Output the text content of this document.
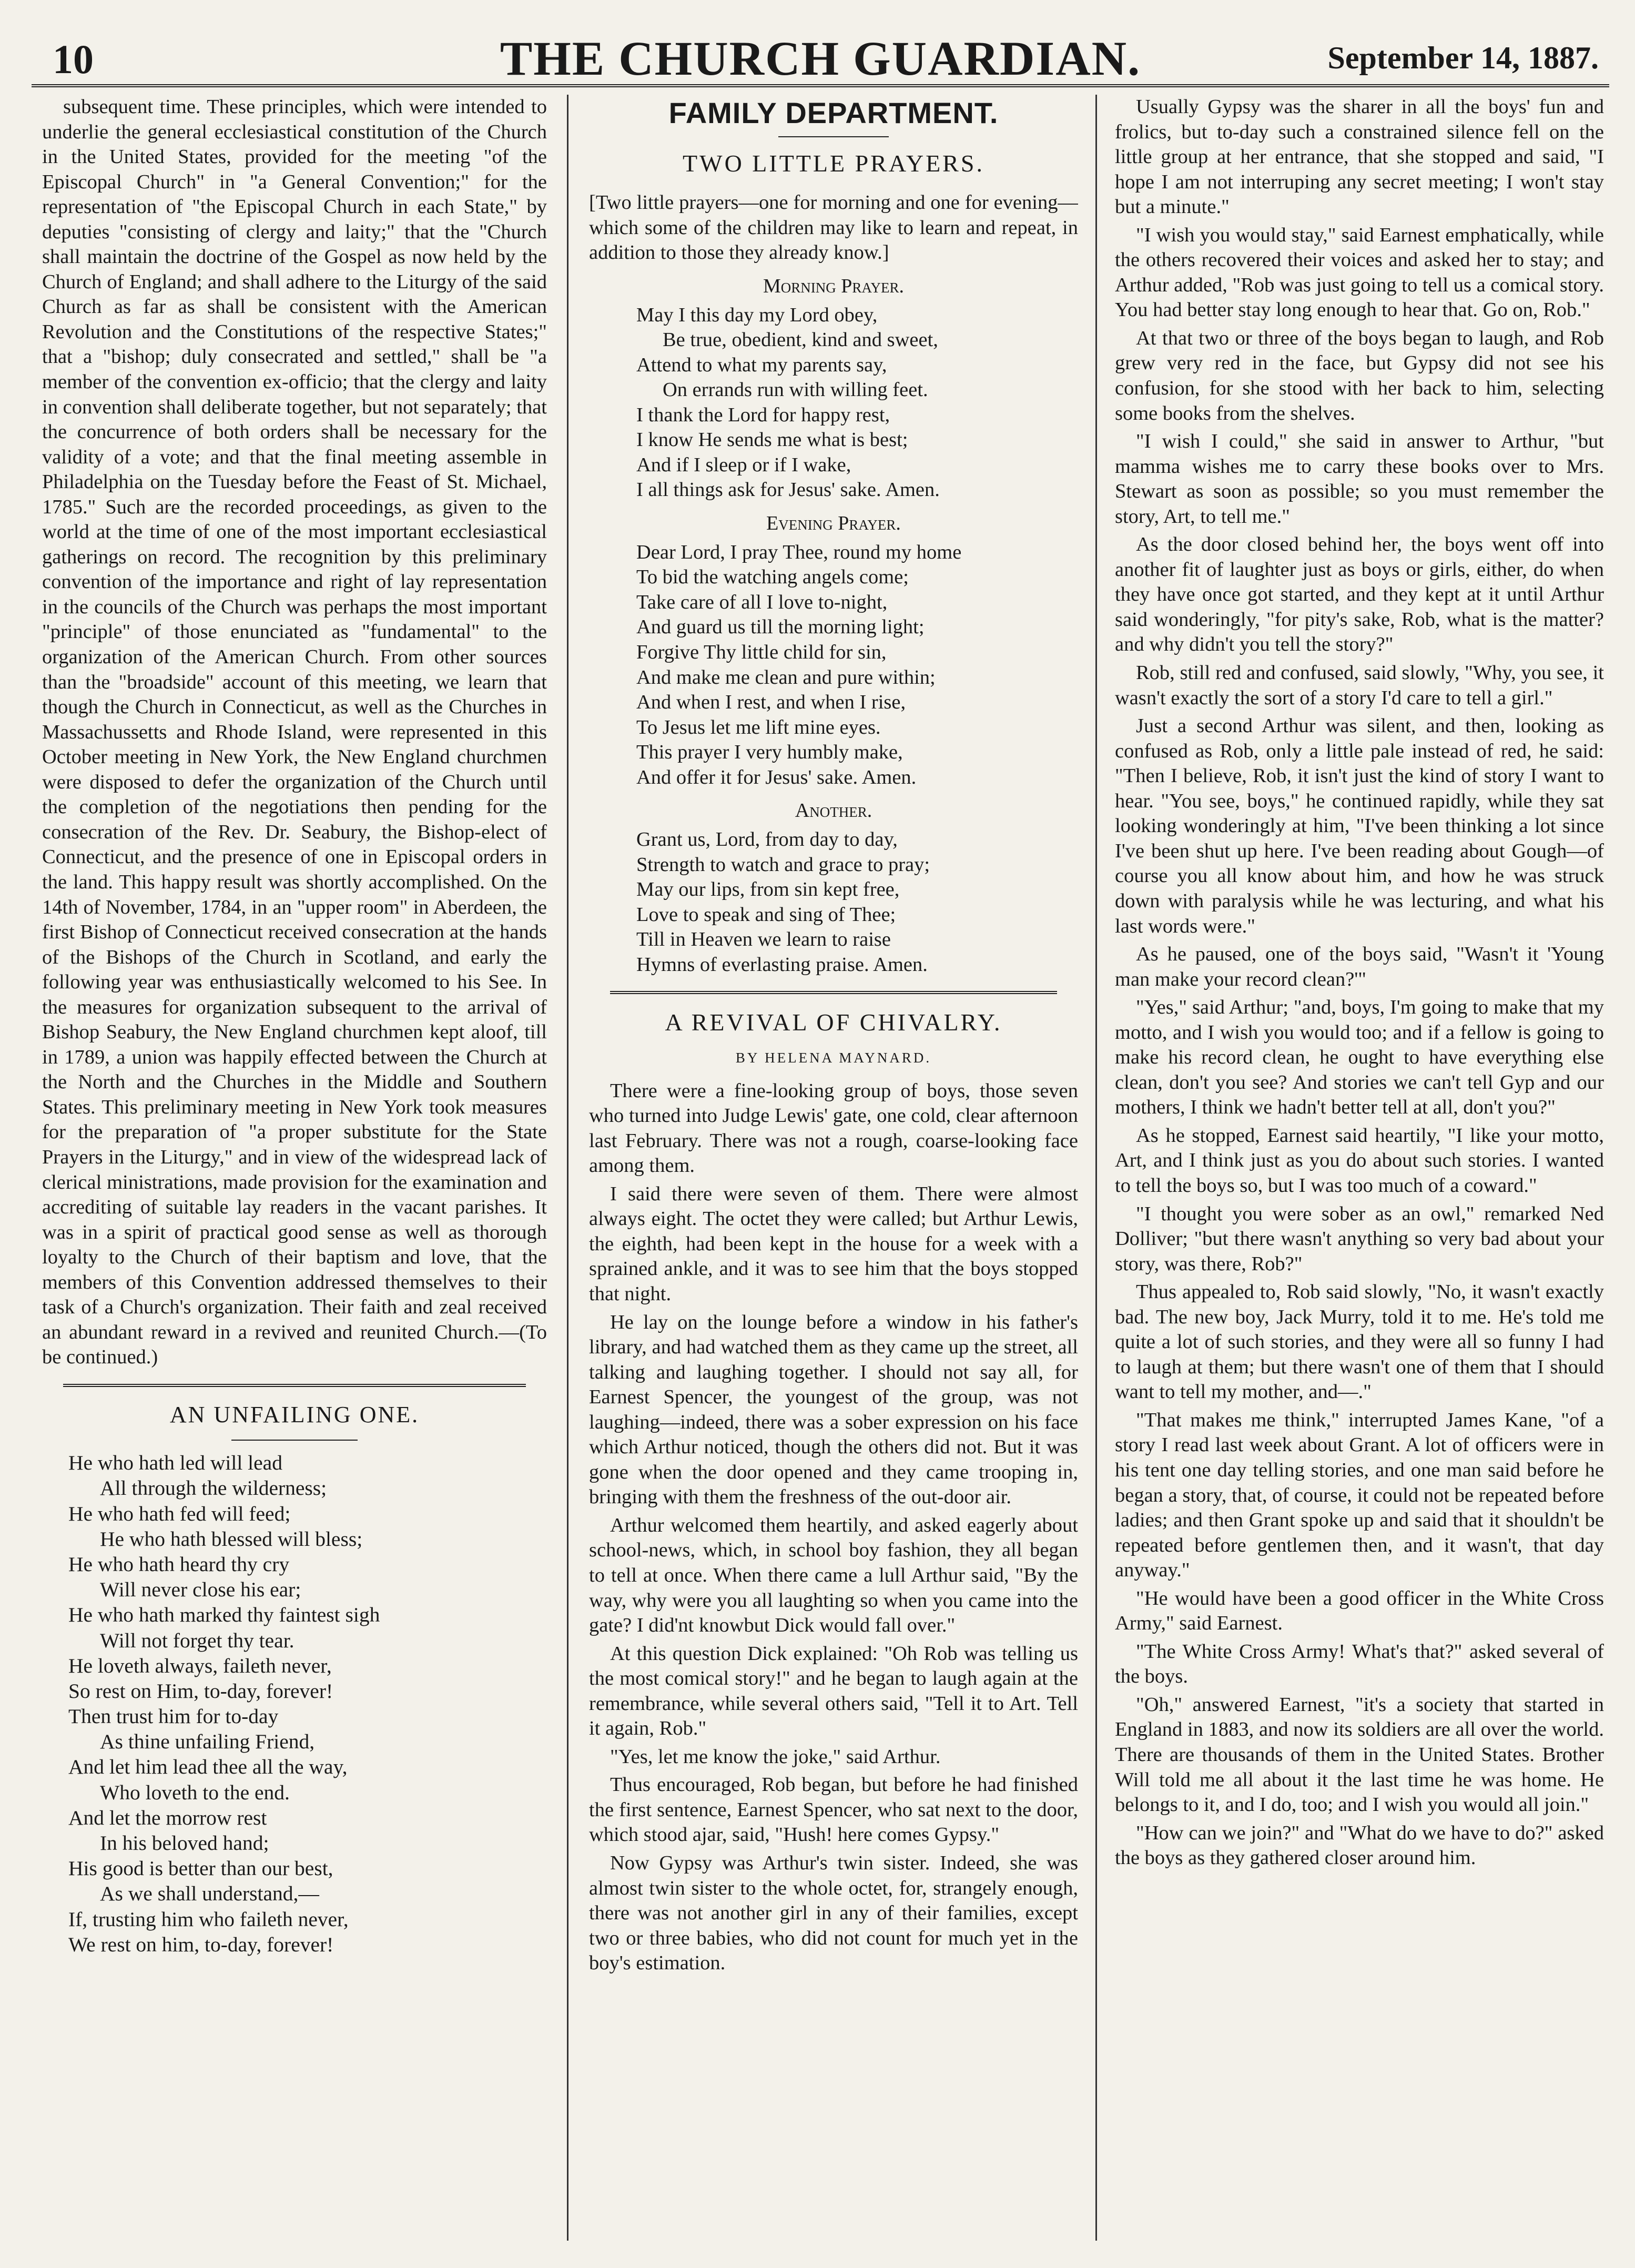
10	THE CHURCH GUARDIAN.	September 14, 1887.

subsequent time. These principles, which were intended to underlie the general ecclesiastical constitution of the Church in the United States, provided for the meeting "of the Episcopal Church" in "a General Convention;" for the representation of "the Episcopal Church in each State," by deputies "consisting of clergy and laity;" that the "Church shall maintain the doctrine of the Gospel as now held by the Church of England; and shall adhere to the Liturgy of the said Church as far as shall be consistent with the American Revolution and the Constitutions of the respective States;" that a "bishop; duly consecrated and settled," shall be "a member of the convention ex-officio; that the clergy and laity in convention shall deliberate together, but not separately; that the concurrence of both orders shall be necessary for the validity of a vote; and that the final meeting assemble in Philadelphia on the Tuesday before the Feast of St. Michael, 1785." Such are the recorded proceedings, as given to the world at the time of one of the most important ecclesiastical gatherings on record. The recognition by this preliminary convention of the importance and right of lay representation in the councils of the Church was perhaps the most important "principle" of those enunciated as "fundamental" to the organization of the American Church. From other sources than the "broadside" account of this meeting, we learn that though the Church in Connecticut, as well as the Churches in Massachussetts and Rhode Island, were represented in this October meeting in New York, the New England churchmen were disposed to defer the organization of the Church until the completion of the negotiations then pending for the consecration of the Rev. Dr. Seabury, the Bishop-elect of Connecticut, and the presence of one in Episcopal orders in the land. This happy result was shortly accomplished. On the 14th of November, 1784, in an "upper room" in Aberdeen, the first Bishop of Connecticut received consecration at the hands of the Bishops of the Church in Scotland, and early the following year was enthusiastically welcomed to his See. In the measures for organization subsequent to the arrival of Bishop Seabury, the New England churchmen kept aloof, till in 1789, a union was happily effected between the Church at the North and the Churches in the Middle and Southern States. This preliminary meeting in New York took measures for the preparation of "a proper substitute for the State Prayers in the Liturgy," and in view of the widespread lack of clerical ministrations, made provision for the examination and accrediting of suitable lay readers in the vacant parishes. It was in a spirit of practical good sense as well as thorough loyalty to the Church of their baptism and love, that the members of this Convention addressed themselves to their task of a Church's organization. Their faith and zeal received an abundant reward in a revived and reunited Church.—(To be continued.)

AN UNFAILING ONE.
He who hath led will lead
All through the wilderness;
He who hath fed will feed;
He who hath blessed will bless;
He who hath heard thy cry
Will never close his ear;
He who hath marked thy faintest sigh
Will not forget thy tear.
He loveth always, faileth never,
So rest on Him, to-day, forever!
Then trust him for to-day
As thine unfailing Friend,
And let him lead thee all the way,
Who loveth to the end.
And let the morrow rest
In his beloved hand;
His good is better than our best,
As we shall understand,—
If, trusting him who faileth never,
We rest on him, to-day, forever!
FAMILY DEPARTMENT.
TWO LITTLE PRAYERS.

[Two little prayers—one for morning and one for evening—which some of the children may like to learn and repeat, in addition to those they already know.]

Morning Prayer.
May I this day my Lord obey,
Be true, obedient, kind and sweet,
Attend to what my parents say,
On errands run with willing feet.
I thank the Lord for happy rest,
I know He sends me what is best;
And if I sleep or if I wake,
I all things ask for Jesus' sake. Amen.
Evening Prayer.
Dear Lord, I pray Thee, round my home
To bid the watching angels come;
Take care of all I love to-night,
And guard us till the morning light;
Forgive Thy little child for sin,
And make me clean and pure within;
And when I rest, and when I rise,
To Jesus let me lift mine eyes.
This prayer I very humbly make,
And offer it for Jesus' sake. Amen.
Another.
Grant us, Lord, from day to day,
Strength to watch and grace to pray;
May our lips, from sin kept free,
Love to speak and sing of Thee;
Till in Heaven we learn to raise
Hymns of everlasting praise. Amen.
A REVIVAL OF CHIVALRY.
BY HELENA MAYNARD.

There were a fine-looking group of boys, those seven who turned into Judge Lewis' gate, one cold, clear afternoon last February. There was not a rough, coarse-looking face among them.

I said there were seven of them. There were almost always eight. The octet they were called; but Arthur Lewis, the eighth, had been kept in the house for a week with a sprained ankle, and it was to see him that the boys stopped that night.

He lay on the lounge before a window in his father's library, and had watched them as they came up the street, all talking and laughing together. I should not say all, for Earnest Spencer, the youngest of the group, was not laughing—indeed, there was a sober expression on his face which Arthur noticed, though the others did not. But it was gone when the door opened and they came trooping in, bringing with them the freshness of the out-door air.

Arthur welcomed them heartily, and asked eagerly about school-news, which, in school boy fashion, they all began to tell at once. When there came a lull Arthur said, "By the way, why were you all laughting so when you came into the gate? I did'nt knowbut Dick would fall over."

At this question Dick explained: "Oh Rob was telling us the most comical story!" and he began to laugh again at the remembrance, while several others said, "Tell it to Art. Tell it again, Rob."

"Yes, let me know the joke," said Arthur.

Thus encouraged, Rob began, but before he had finished the first sentence, Earnest Spencer, who sat next to the door, which stood ajar, said, "Hush! here comes Gypsy."

Now Gypsy was Arthur's twin sister. Indeed, she was almost twin sister to the whole octet, for, strangely enough, there was not another girl in any of their families, except two or three babies, who did not count for much yet in the boy's estimation.

Usually Gypsy was the sharer in all the boys' fun and frolics, but to-day such a constrained silence fell on the little group at her entrance, that she stopped and said, "I hope I am not interruping any secret meeting; I won't stay but a minute."

"I wish you would stay," said Earnest emphatically, while the others recovered their voices and asked her to stay; and Arthur added, "Rob was just going to tell us a comical story. You had better stay long enough to hear that. Go on, Rob."

At that two or three of the boys began to laugh, and Rob grew very red in the face, but Gypsy did not see his confusion, for she stood with her back to him, selecting some books from the shelves.

"I wish I could," she said in answer to Arthur, "but mamma wishes me to carry these books over to Mrs. Stewart as soon as possible; so you must remember the story, Art, to tell me."

As the door closed behind her, the boys went off into another fit of laughter just as boys or girls, either, do when they have once got started, and they kept at it until Arthur said wonderingly, "for pity's sake, Rob, what is the matter? and why didn't you tell the story?"

Rob, still red and confused, said slowly, "Why, you see, it wasn't exactly the sort of a story I'd care to tell a girl."

Just a second Arthur was silent, and then, looking as confused as Rob, only a little pale instead of red, he said: "Then I believe, Rob, it isn't just the kind of story I want to hear. "You see, boys," he continued rapidly, while they sat looking wonderingly at him, "I've been thinking a lot since I've been shut up here. I've been reading about Gough—of course you all know about him, and how he was struck down with paralysis while he was lecturing, and what his last words were."

As he paused, one of the boys said, "Wasn't it 'Young man make your record clean?'"

"Yes," said Arthur; "and, boys, I'm going to make that my motto, and I wish you would too; and if a fellow is going to make his record clean, he ought to have everything else clean, don't you see? And stories we can't tell Gyp and our mothers, I think we hadn't better tell at all, don't you?"

As he stopped, Earnest said heartily, "I like your motto, Art, and I think just as you do about such stories. I wanted to tell the boys so, but I was too much of a coward."

"I thought you were sober as an owl," remarked Ned Dolliver; "but there wasn't anything so very bad about your story, was there, Rob?"

Thus appealed to, Rob said slowly, "No, it wasn't exactly bad. The new boy, Jack Murry, told it to me. He's told me quite a lot of such stories, and they were all so funny I had to laugh at them; but there wasn't one of them that I should want to tell my mother, and—."

"That makes me think," interrupted James Kane, "of a story I read last week about Grant. A lot of officers were in his tent one day telling stories, and one man said before he began a story, that, of course, it could not be repeated before ladies; and then Grant spoke up and said that it shouldn't be repeated before gentlemen then, and it wasn't, that day anyway."

"He would have been a good officer in the White Cross Army," said Earnest.

"The White Cross Army! What's that?" asked several of the boys.

"Oh," answered Earnest, "it's a society that started in England in 1883, and now its soldiers are all over the world. There are thousands of them in the United States. Brother Will told me all about it the last time he was home. He belongs to it, and I do, too; and I wish you would all join."

"How can we join?" and "What do we have to do?" asked the boys as they gathered closer around him.
